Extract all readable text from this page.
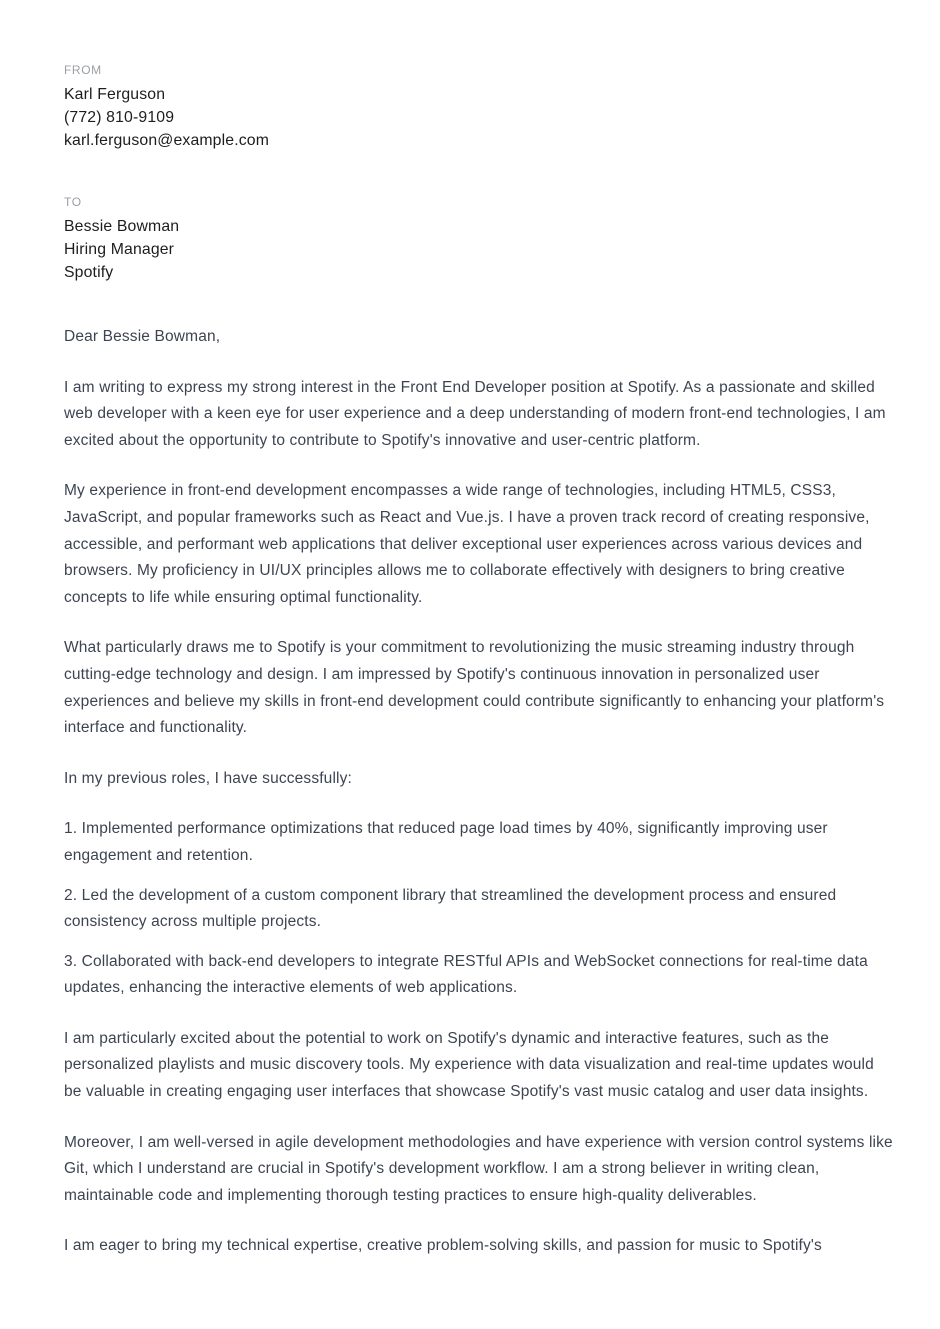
FROM
Karl Ferguson
(772) 810-9109
karl.ferguson@example.com
TO
Bessie Bowman
Hiring Manager
Spotify

Dear Bessie Bowman,

I am writing to express my strong interest in the Front End Developer position at Spotify. As a passionate and skilled web developer with a keen eye for user experience and a deep understanding of modern front-end technologies, I am excited about the opportunity to contribute to Spotify's innovative and user-centric platform.

My experience in front-end development encompasses a wide range of technologies, including HTML5, CSS3, JavaScript, and popular frameworks such as React and Vue.js. I have a proven track record of creating responsive, accessible, and performant web applications that deliver exceptional user experiences across various devices and browsers. My proficiency in UI/UX principles allows me to collaborate effectively with designers to bring creative concepts to life while ensuring optimal functionality.

What particularly draws me to Spotify is your commitment to revolutionizing the music streaming industry through cutting-edge technology and design. I am impressed by Spotify's continuous innovation in personalized user experiences and believe my skills in front-end development could contribute significantly to enhancing your platform's interface and functionality.

In my previous roles, I have successfully:

1. Implemented performance optimizations that reduced page load times by 40%, significantly improving user engagement and retention.

2. Led the development of a custom component library that streamlined the development process and ensured consistency across multiple projects.

3. Collaborated with back-end developers to integrate RESTful APIs and WebSocket connections for real-time data updates, enhancing the interactive elements of web applications.

I am particularly excited about the potential to work on Spotify's dynamic and interactive features, such as the personalized playlists and music discovery tools. My experience with data visualization and real-time updates would be valuable in creating engaging user interfaces that showcase Spotify's vast music catalog and user data insights.

Moreover, I am well-versed in agile development methodologies and have experience with version control systems like Git, which I understand are crucial in Spotify's development workflow. I am a strong believer in writing clean, maintainable code and implementing thorough testing practices to ensure high-quality deliverables.

I am eager to bring my technical expertise, creative problem-solving skills, and passion for music to Spotify's
